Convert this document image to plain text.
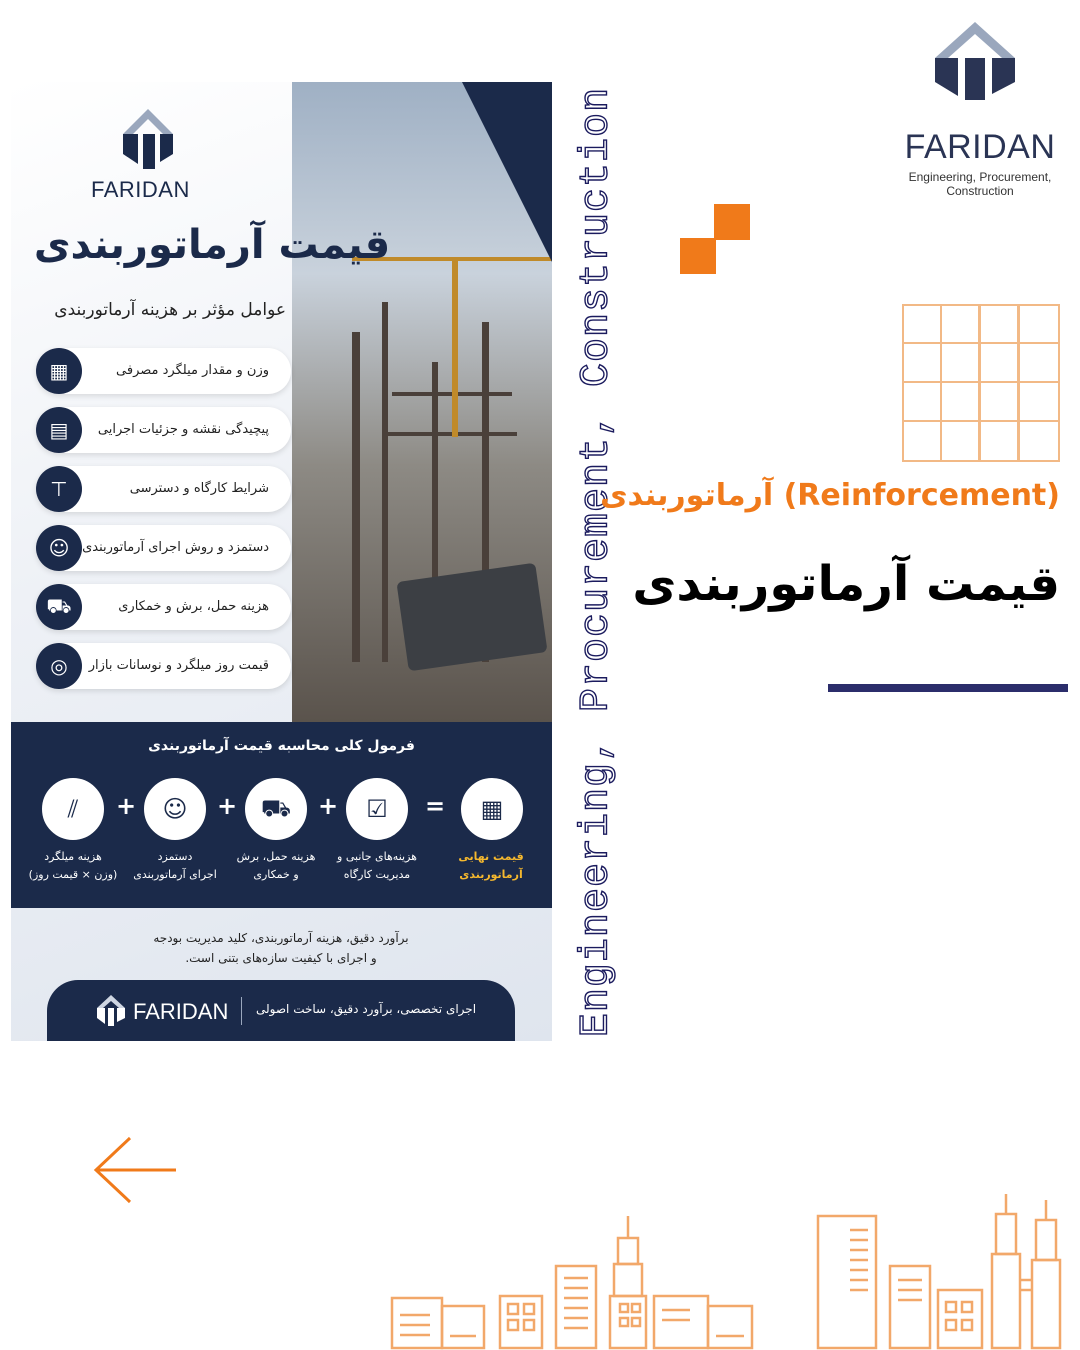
FARIDAN
قیمت آرماتوربندی
عوامل مؤثر بر هزینه آرماتوربندی
▦	وزن و مقدار میلگرد مصرفی
▤	پیچیدگی نقشه و جزئیات اجرایی
⊤	شرایط کارگاه و دسترسی
☺ دستمزد و روش اجرای آرماتوربندی
⛟	هزینه حمل، برش و خمکاری
◎	قیمت روز میلگرد و نوسانات بازار
فرمول کلی محاسبه قیمت آرماتوربندی
⫽	+	☺	+ ⛟	+	☑	=	▦
هزینه میلگرد
(وزن × قیمت روز)
دستمزد
اجرای آرماتوربندی
هزینه حمل، برش
و خمکاری
هزینه‌های جانبی و
مدیریت کارگاه
قیمت نهایی
آرماتوربندی
برآورد دقیق، هزینه آرماتوربندی، کلید مدیریت بودجه
و اجرای با کیفیت سازه‌های بتنی است.
FARIDAN اجرای تخصصی، برآورد دقیق، ساخت اصولی Engineering, Procurement, Construction	FARIDAN
Engineering, Procurement,
Construction
آرماتوربندی (Reinforcement)
قیمت آرماتوربندی
